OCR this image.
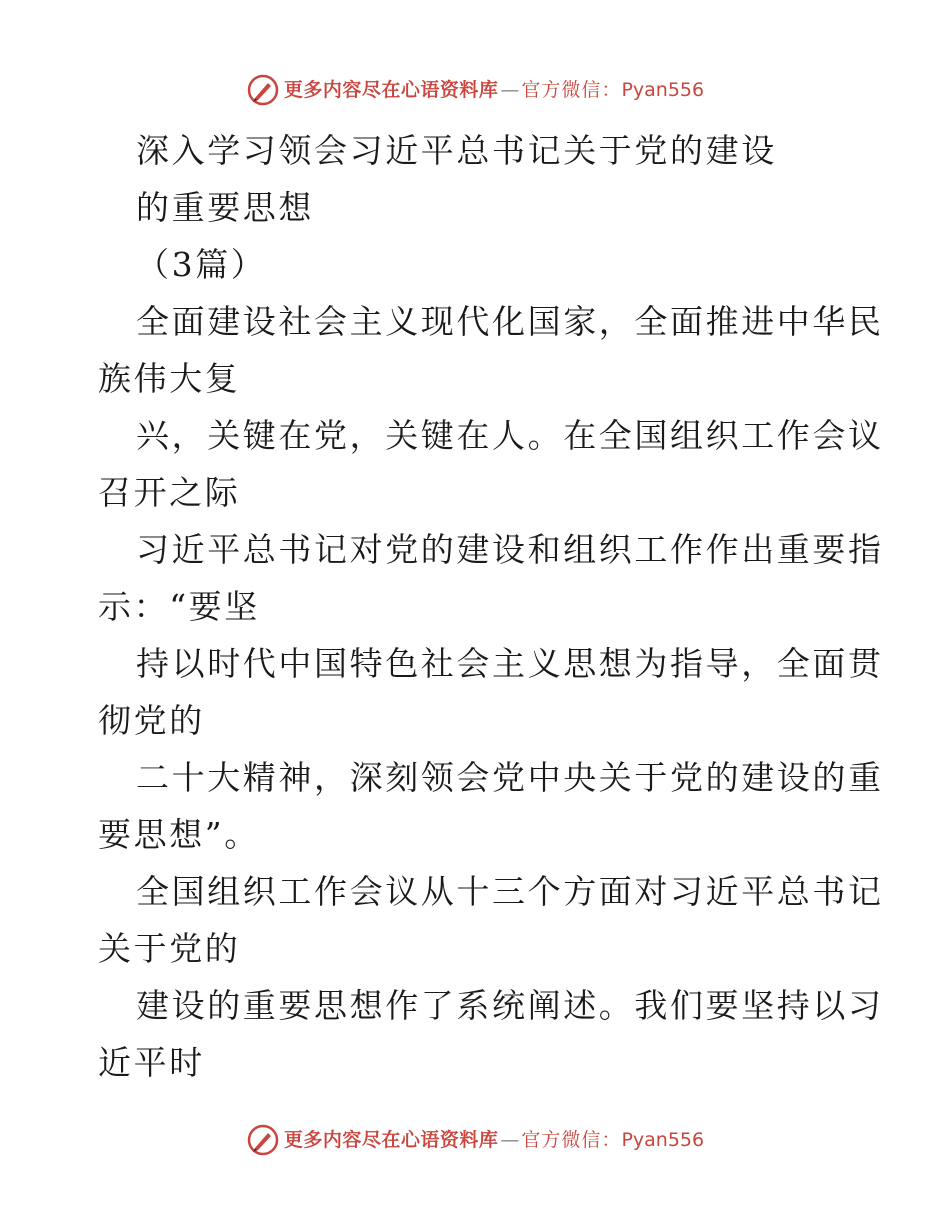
更多内容尽在心语资料库 — 官方微信： Pyan556
深入学习领会习近平总书记关于党的建设
的重要思想
（3篇）
全面建设社会主义现代化国家，全面推进中华民
族伟大复
兴，关键在党，关键在人。在全国组织工作会议
召开之际
习近平总书记对党的建设和组织工作作出重要指
示：“要坚
持以时代中国特色社会主义思想为指导，全面贯
彻党的
二十大精神，深刻领会党中央关于党的建设的重
要思想”。
全国组织工作会议从十三个方面对习近平总书记
关于党的
建设的重要思想作了系统阐述。我们要坚持以习
近平时
更多内容尽在心语资料库 — 官方微信： Pyan556
